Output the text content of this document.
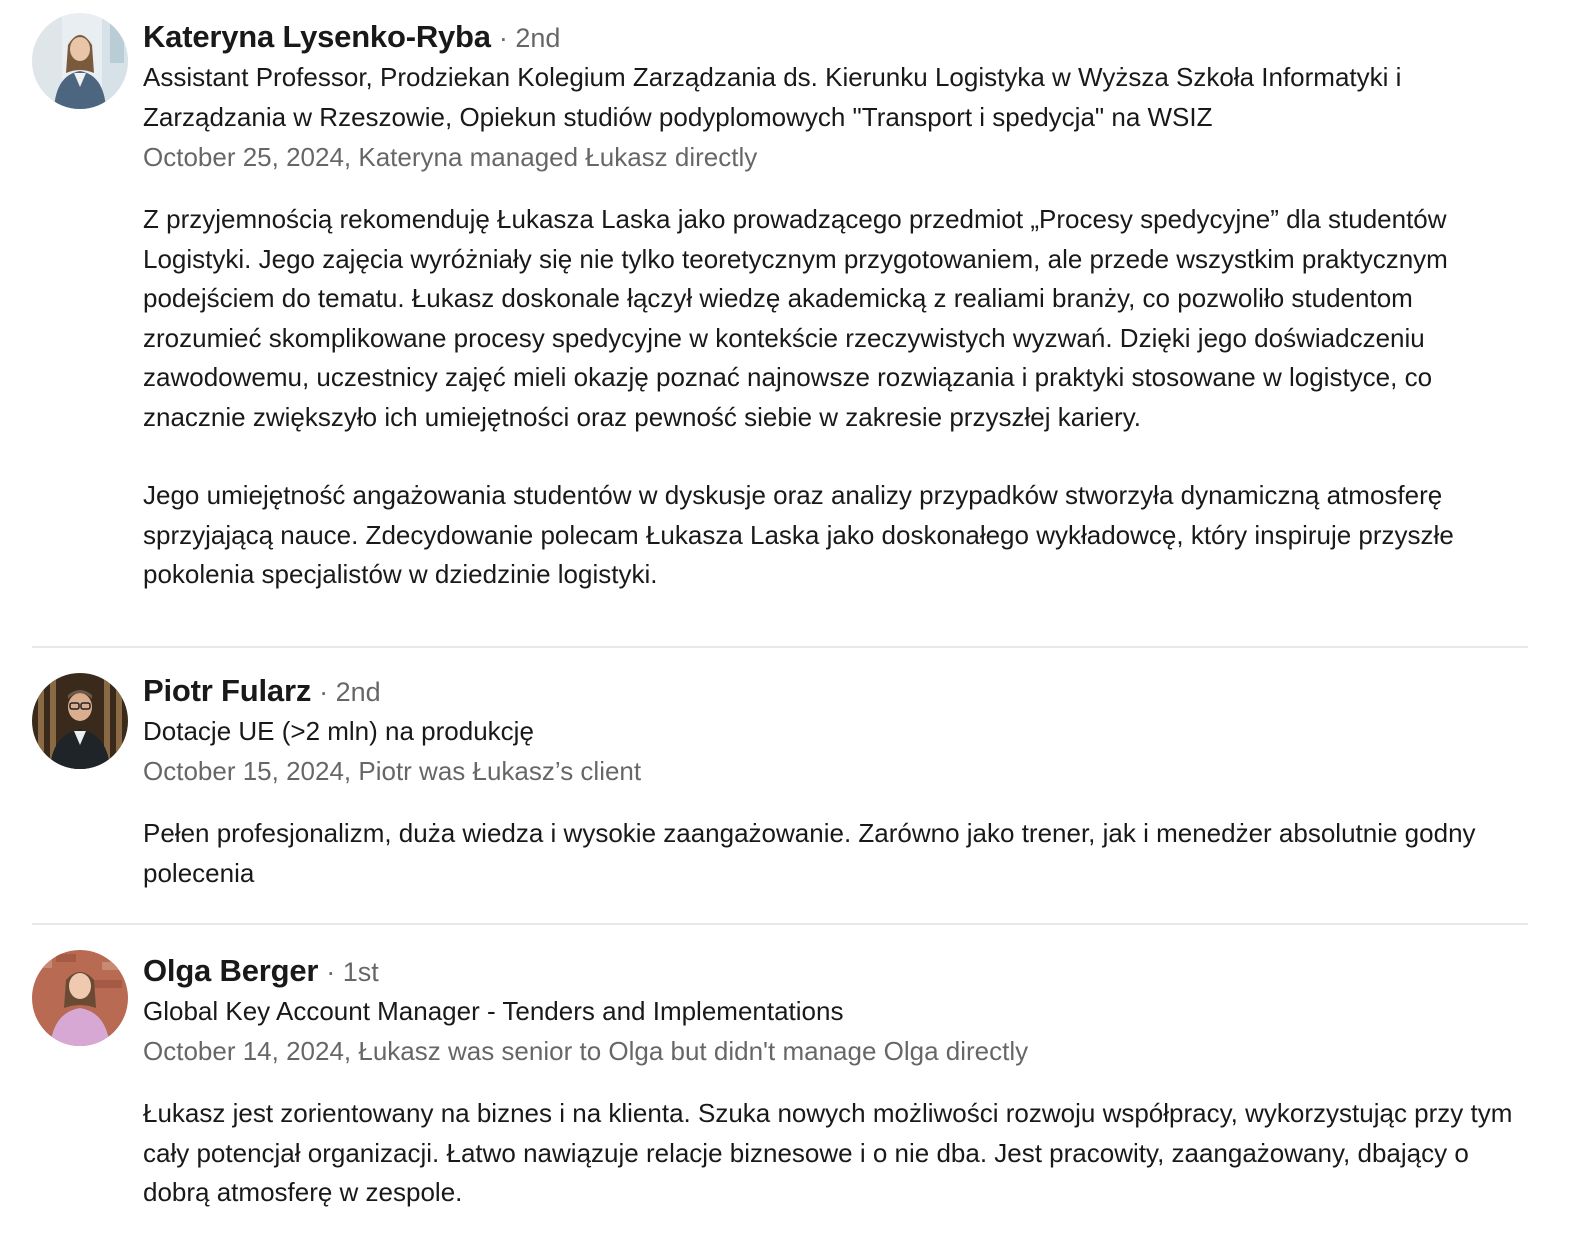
Kateryna Lysenko-Ryba · 2nd
Assistant Professor, Prodziekan Kolegium Zarządzania ds. Kierunku Logistyka w Wyższa Szkoła Informatyki i Zarządzania w Rzeszowie, Opiekun studiów podyplomowych "Transport i spedycja" na WSIZ
October 25, 2024, Kateryna managed Łukasz directly
Z przyjemnością rekomenduję Łukasza Laska jako prowadzącego przedmiot „Procesy spedycyjne” dla studentów Logistyki. Jego zajęcia wyróżniały się nie tylko teoretycznym przygotowaniem, ale przede wszystkim praktycznym podejściem do tematu. Łukasz doskonale łączył wiedzę akademicką z realiami branży, co pozwoliło studentom zrozumieć skomplikowane procesy spedycyjne w kontekście rzeczywistych wyzwań. Dzięki jego doświadczeniu zawodowemu, uczestnicy zajęć mieli okazję poznać najnowsze rozwiązania i praktyki stosowane w logistyce, co znacznie zwiększyło ich umiejętności oraz pewność siebie w zakresie przyszłej kariery.
Jego umiejętność angażowania studentów w dyskusje oraz analizy przypadków stworzyła dynamiczną atmosferę sprzyjającą nauce. Zdecydowanie polecam Łukasza Laska jako doskonałego wykładowcę, który inspiruje przyszłe pokolenia specjalistów w dziedzinie logistyki.
Piotr Fularz · 2nd
Dotacje UE (>2 mln) na produkcję
October 15, 2024, Piotr was Łukasz’s client
Pełen profesjonalizm, duża wiedza i wysokie zaangażowanie. Zarówno jako trener, jak i menedżer absolutnie godny polecenia
Olga Berger · 1st
Global Key Account Manager - Tenders and Implementations
October 14, 2024, Łukasz was senior to Olga but didn't manage Olga directly
Łukasz jest zorientowany na biznes i na klienta. Szuka nowych możliwości rozwoju współpracy, wykorzystując przy tym cały potencjał organizacji. Łatwo nawiązuje relacje biznesowe i o nie dba. Jest pracowity, zaangażowany, dbający o dobrą atmosferę w zespole.
